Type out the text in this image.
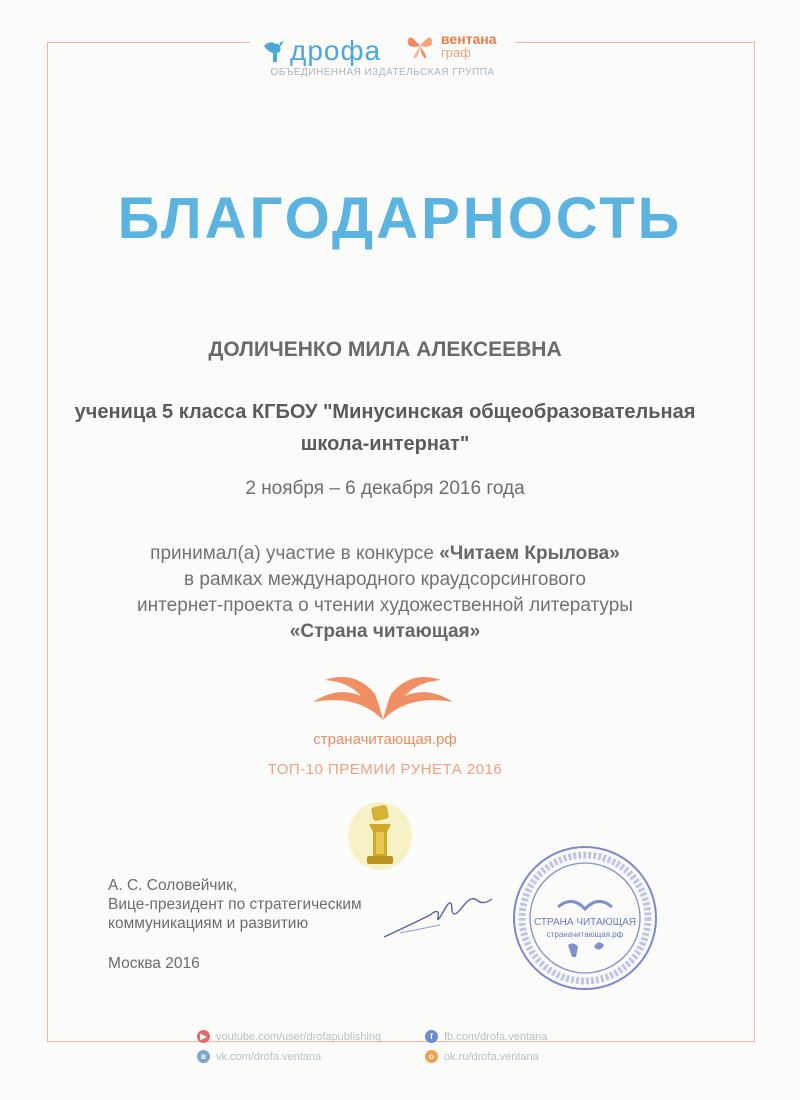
дрофа	вентана
граф
ОБЪЕДИНЕННАЯ ИЗДАТЕЛЬСКАЯ ГРУППА
БЛАГОДАРНОСТЬ
ДОЛИЧЕНКО МИЛА АЛЕКСЕЕВНА
ученица 5 класса КГБОУ "Минусинская общеобразовательная
школа-интернат"
2 ноября – 6 декабря 2016 года
принимал(а) участие в конкурсе «Читаем Крылова»
в рамках международного краудсорсингового
интернет-проекта о чтении художественной литературы
«Страна читающая»
страначитающая.рф
ТОП-10 ПРЕМИИ РУНЕТА 2016
А. С. Соловейчик,
Вице-президент по стратегическим
коммуникациям и развитию
Москва 2016
СТРАНА ЧИТАЮЩАЯ
страначитающая.рф
▶ youtube.com/user/drofapublishing	f	fb.com/drofa.ventana
в vk.com/drofa.ventana	о ok.ru/drofa.ventana
